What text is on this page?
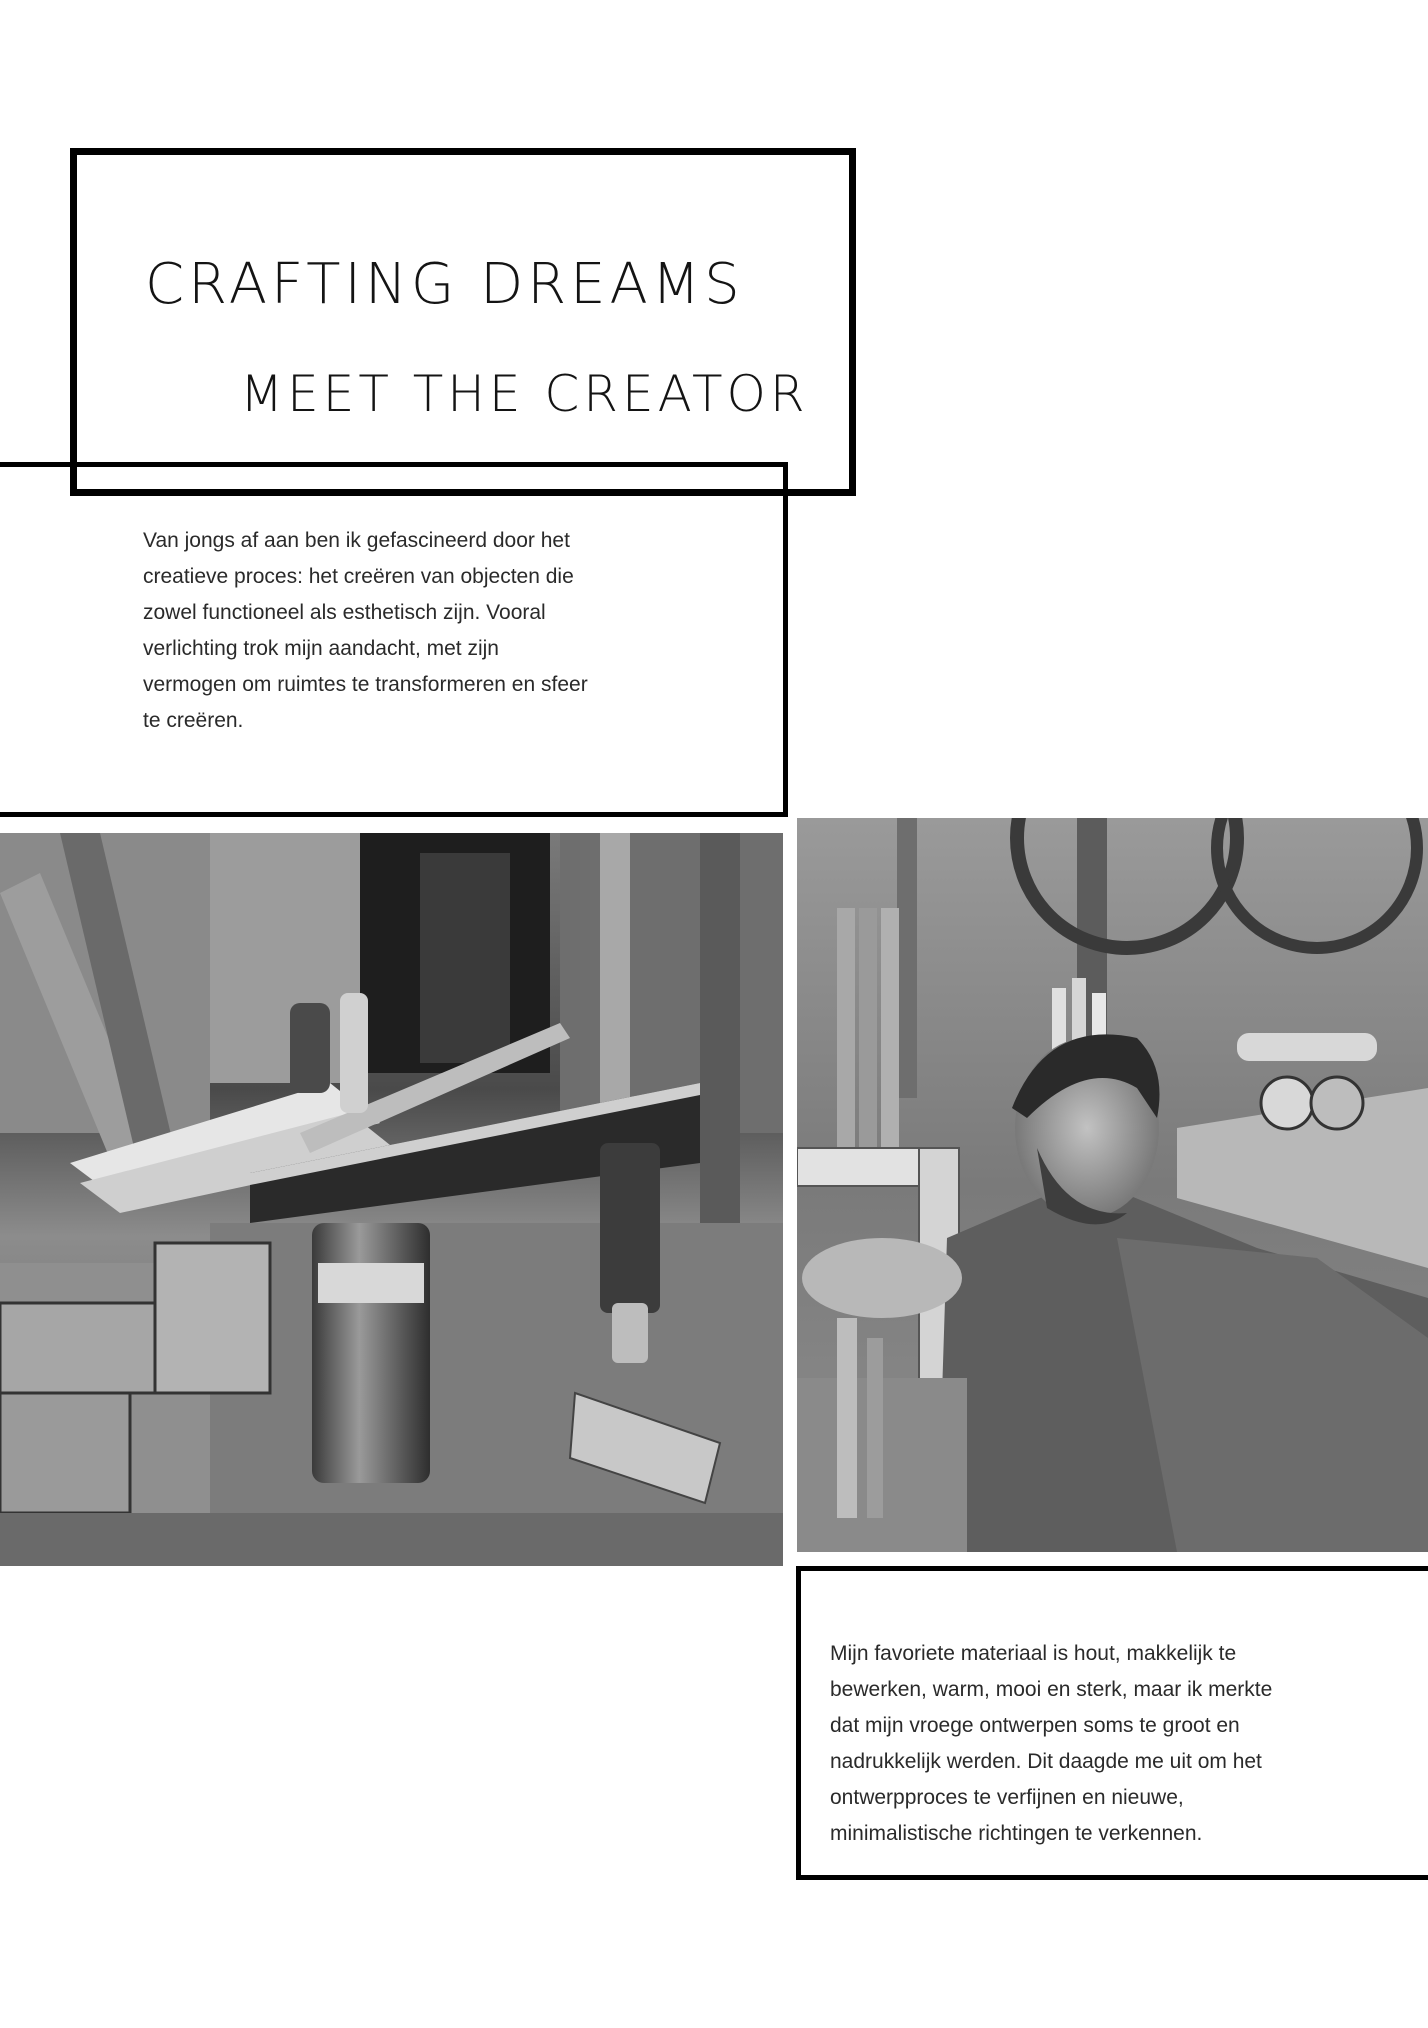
CRAFTING DREAMS
MEET THE CREATOR

Van jongs af aan ben ik gefascineerd door het creatieve proces: het creëren van objecten die zowel functioneel als esthetisch zijn. Vooral verlichting trok mijn aandacht, met zijn vermogen om ruimtes te transformeren en sfeer te creëren.

Mijn favoriete materiaal is hout, makkelijk te bewerken, warm, mooi en sterk, maar ik merkte dat mijn vroege ontwerpen soms te groot en nadrukkelijk werden. Dit daagde me uit om het ontwerpproces te verfijnen en nieuwe, minimalistische richtingen te verkennen.
